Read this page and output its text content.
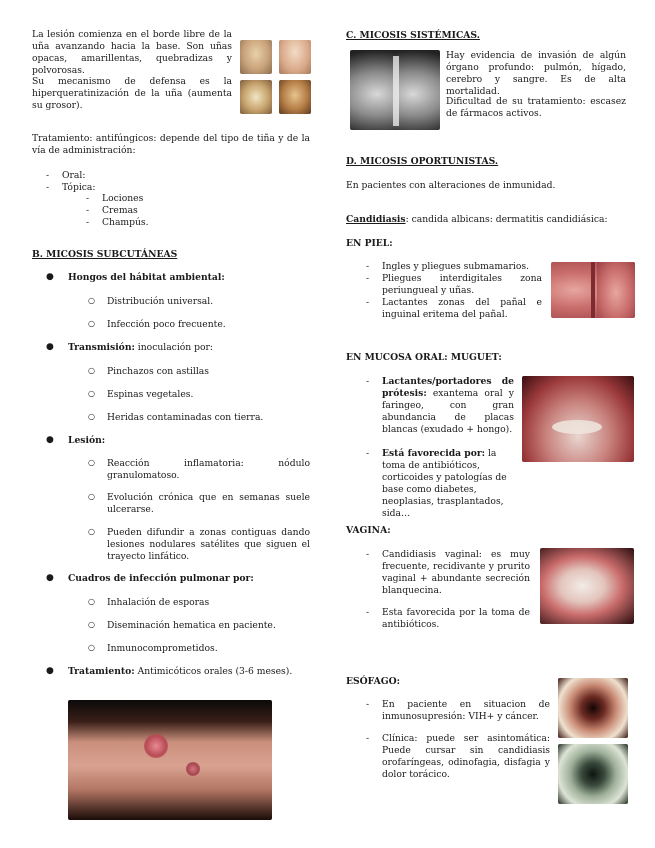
La lesión comienza en el borde libre de la uña avanzando hacia la base. Son uñas opacas, amarillentas, quebradizas y polvorosas.

Su mecanismo de defensa es la hiperqueratinización de la uña (aumenta su grosor).

Tratamiento: antifúngicos: depende del tipo de tiña y de la vía de administración:

- Oral:
- Tópica:
- Lociones
- Cremas
- Champús.

B. MICOSIS SUBCUTÁNEAS

● Hongos del hábitat ambiental:

○ Distribución universal.

○ Infección poco frecuente.

● Transmisión: inoculación por:

○ Pinchazos con astillas

○ Espinas vegetales.

○ Heridas contaminadas con tierra.

● Lesión:

○ Reacción inflamatoria: nódulo granulomatoso.

○ Evolución crónica que en semanas suele ulcerarse.

○ Pueden difundir a zonas contiguas dando lesiones nodulares satélites que siguen el trayecto linfático.

● Cuadros de infección pulmonar por:

○ Inhalación de esporas

○ Diseminación hematica en paciente.

○ Inmunocomprometidos.

● Tratamiento: Antimicóticos orales (3-6 meses).

C. MICOSIS SISTÉMICAS.

Hay evidencia de invasión de algún órgano profundo: pulmón, hígado, cerebro y sangre. Es de alta mortalidad.

Dificultad de su tratamiento: escasez de fármacos activos.

D. MICOSIS OPORTUNISTAS.

En pacientes con alteraciones de inmunidad.

Candidiasis: candida albicans: dermatitis candidiásica:

EN PIEL:

- Ingles y pliegues submamarios.
- Pliegues interdigitales zona periungueal y uñas.
- Lactantes zonas del pañal e inguinal eritema del pañal.

EN MUCOSA ORAL: MUGUET:

- Lactantes/portadores de prótesis: exantema oral y faringeo, con gran abundancia de placas blancas (exudado + hongo).
- Está favorecida por: la toma de antibióticos, corticoides y patologías de base como diabetes, neoplasias, trasplantados, sida…

VAGINA:

- Candidiasis vaginal: es muy frecuente, recidivante y prurito vaginal + abundante secreción blanquecina.
- Esta favorecida por la toma de antibióticos.

ESÓFAGO:

- En paciente en situacion de inmunosupresión: VIH+ y cáncer.
- Clínica: puede ser asintomática: Puede cursar sin candidiasis orofaríngeas, odinofagia, disfagia y dolor torácico.
